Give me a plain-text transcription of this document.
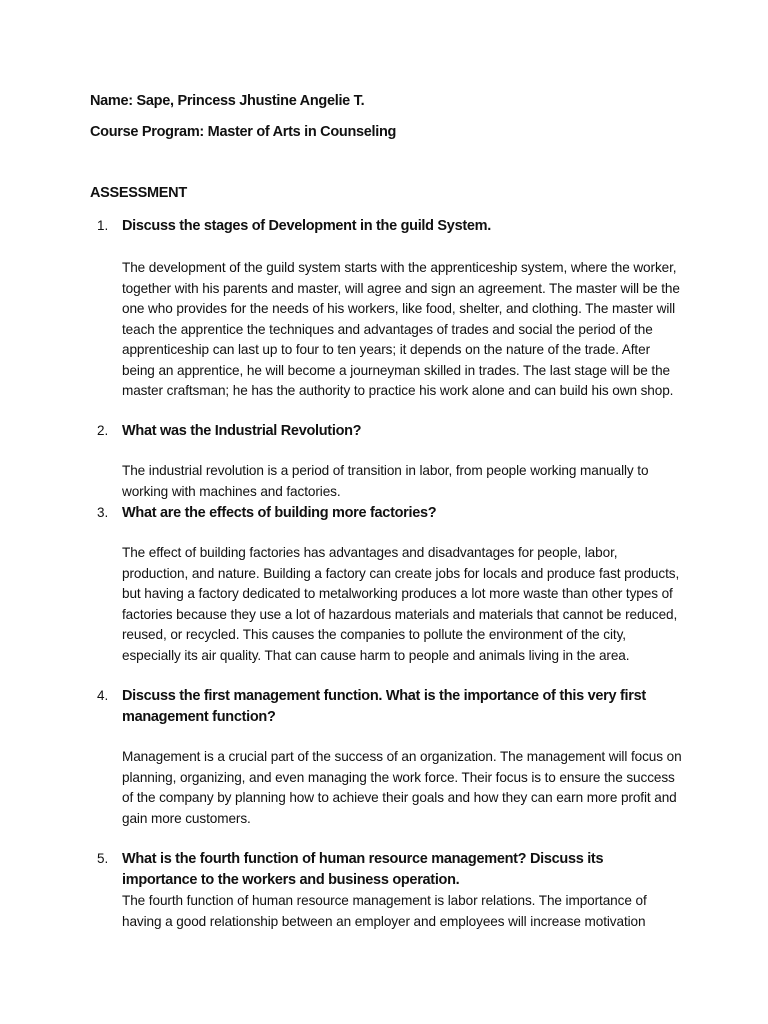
Name: Sape, Princess Jhustine Angelie T.
Course Program: Master of Arts in Counseling
ASSESSMENT
1. Discuss the stages of Development in the guild System.
The development of the guild system starts with the apprenticeship system, where the worker, together with his parents and master, will agree and sign an agreement. The master will be the one who provides for the needs of his workers, like food, shelter, and clothing. The master will teach the apprentice the techniques and advantages of trades and social the period of the apprenticeship can last up to four to ten years; it depends on the nature of the trade. After being an apprentice, he will become a journeyman skilled in trades. The last stage will be the master craftsman; he has the authority to practice his work alone and can build his own shop.
2. What was the Industrial Revolution?
The industrial revolution is a period of transition in labor, from people working manually to working with machines and factories.
3. What are the effects of building more factories?
The effect of building factories has advantages and disadvantages for people, labor, production, and nature. Building a factory can create jobs for locals and produce fast products, but having a factory dedicated to metalworking produces a lot more waste than other types of factories because they use a lot of hazardous materials and materials that cannot be reduced, reused, or recycled. This causes the companies to pollute the environment of the city, especially its air quality. That can cause harm to people and animals living in the area.
4. Discuss the first management function. What is the importance of this very first management function?
Management is a crucial part of the success of an organization. The management will focus on planning, organizing, and even managing the work force. Their focus is to ensure the success of the company by planning how to achieve their goals and how they can earn more profit and gain more customers.
5. What is the fourth function of human resource management? Discuss its importance to the workers and business operation.
The fourth function of human resource management is labor relations. The importance of having a good relationship between an employer and employees will increase motivation
